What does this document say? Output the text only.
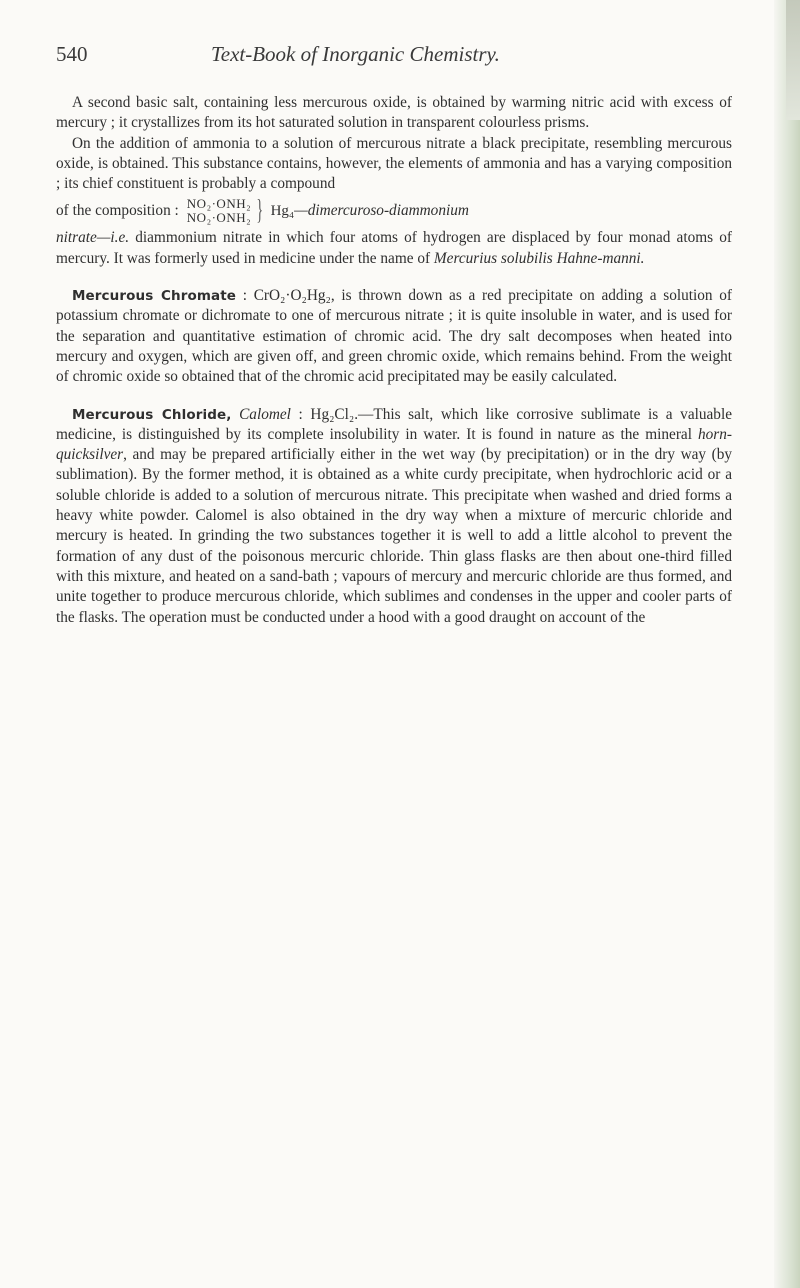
540	Text-Book of Inorganic Chemistry.

A second basic salt, containing less mercurous oxide, is obtained by warming nitric acid with excess of mercury ; it crystallizes from its hot saturated solution in transparent colourless prisms.

On the addition of ammonia to a solution of mercurous nitrate a black precipitate, resembling mercurous oxide, is obtained. This substance contains, however, the elements of ammonia and has a varying composition ; its chief constituent is probably a compound

of the composition : NO₂·ONH₂
NO₂·ONH₂ } Hg₄ —dimercuroso-diammonium

nitrate—i.e. diammonium nitrate in which four atoms of hydrogen are displaced by four monad atoms of mercury. It was formerly used in medicine under the name of Mercurius solubilis Hahne-manni.

Mercurous Chromate : CrO₂·O₂Hg₂, is thrown down as a red precipitate on adding a solution of potassium chromate or dichromate to one of mercurous nitrate ; it is quite insoluble in water, and is used for the separation and quantitative estimation of chromic acid. The dry salt decomposes when heated into mercury and oxygen, which are given off, and green chromic oxide, which remains behind. From the weight of chromic oxide so obtained that of the chromic acid precipitated may be easily calculated.

Mercurous Chloride, Calomel : Hg₂Cl₂.—This salt, which like corrosive sublimate is a valuable medicine, is distinguished by its complete insolubility in water. It is found in nature as the mineral horn-quicksilver, and may be prepared artificially either in the wet way (by precipitation) or in the dry way (by sublimation). By the former method, it is obtained as a white curdy precipitate, when hydrochloric acid or a soluble chloride is added to a solution of mercurous nitrate. This precipitate when washed and dried forms a heavy white powder. Calomel is also obtained in the dry way when a mixture of mercuric chloride and mercury is heated. In grinding the two substances together it is well to add a little alcohol to prevent the formation of any dust of the poisonous mercuric chloride. Thin glass flasks are then about one-third filled with this mixture, and heated on a sand-bath ; vapours of mercury and mercuric chloride are thus formed, and unite together to produce mercurous chloride, which sublimes and condenses in the upper and cooler parts of the flasks. The operation must be conducted under a hood with a good draught on account of the
